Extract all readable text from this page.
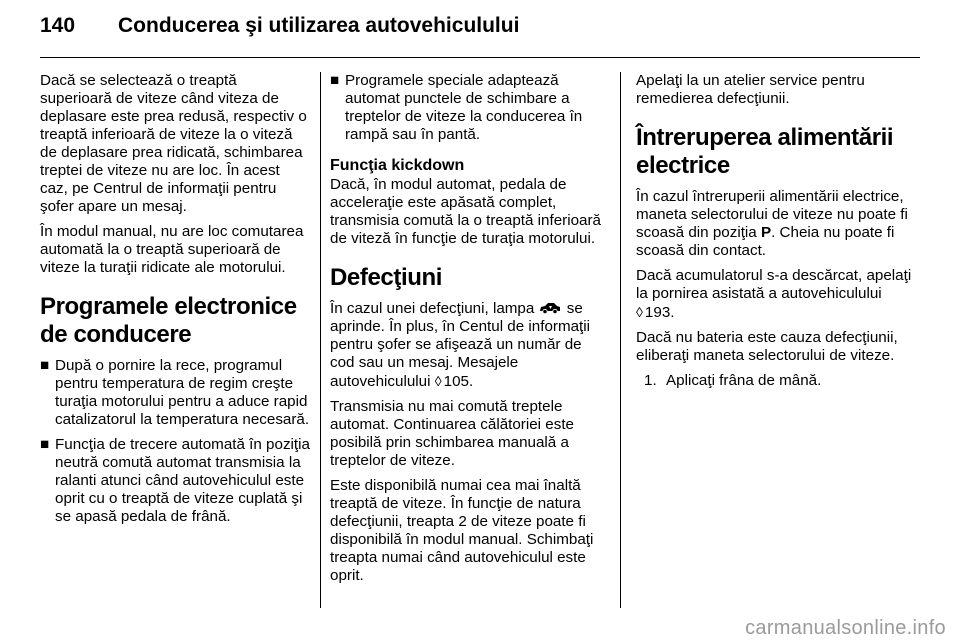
140 Conducerea şi utilizarea autovehiculului

Dacă se selectează o treaptă superioară de viteze când viteza de deplasare este prea redusă, respectiv o treaptă inferioară de viteze la o viteză de deplasare prea ridicată, schimbarea treptei de viteze nu are loc. În acest caz, pe Centrul de informaţii pentru şofer apare un mesaj.

În modul manual, nu are loc comutarea automată la o treaptă superioară de viteze la turaţii ridicate ale motorului.

Programele electronice de conducere
■ După o pornire la rece, programul pentru temperatura de regim creşte turaţia motorului pentru a aduce rapid catalizatorul la temperatura necesară.
■ Funcţia de trecere automată în poziţia neutră comută automat transmisia la ralanti atunci când autovehiculul este oprit cu o treaptă de viteze cuplată şi se apasă pedala de frână.
■ Programele speciale adaptează automat punctele de schimbare a treptelor de viteze la conducerea în rampă sau în pantă.
Funcţia kickdown

Dacă, în modul automat, pedala de acceleraţie este apăsată complet, transmisia comută la o treaptă inferioară de viteză în funcţie de turaţia motorului.

Defecţiuni

În cazul unei defecţiuni, lampa se aprinde. În plus, în Centul de informaţii pentru şofer se afişează un număr de cod sau un mesaj. Mesajele autovehiculului ◊ 105.

Transmisia nu mai comută treptele automat. Continuarea călătoriei este posibilă prin schimbarea manuală a treptelor de viteze.

Este disponibilă numai cea mai înaltă treaptă de viteze. În funcţie de natura defecţiunii, treapta 2 de viteze poate fi disponibilă în modul manual. Schimbaţi treapta numai când autovehiculul este oprit.

Apelaţi la un atelier service pentru remedierea defecţiunii.

Întreruperea alimentării electrice

În cazul întreruperii alimentării electrice, maneta selectorului de viteze nu poate fi scoasă din poziţia P. Cheia nu poate fi scoasă din contact.

Dacă acumulatorul s-a descărcat, apelaţi la pornirea asistată a autovehiculului ◊ 193.

Dacă nu bateria este cauza defecţiunii, eliberaţi maneta selectorului de viteze.

1. Aplicaţi frâna de mână.
carmanualsonline.info
